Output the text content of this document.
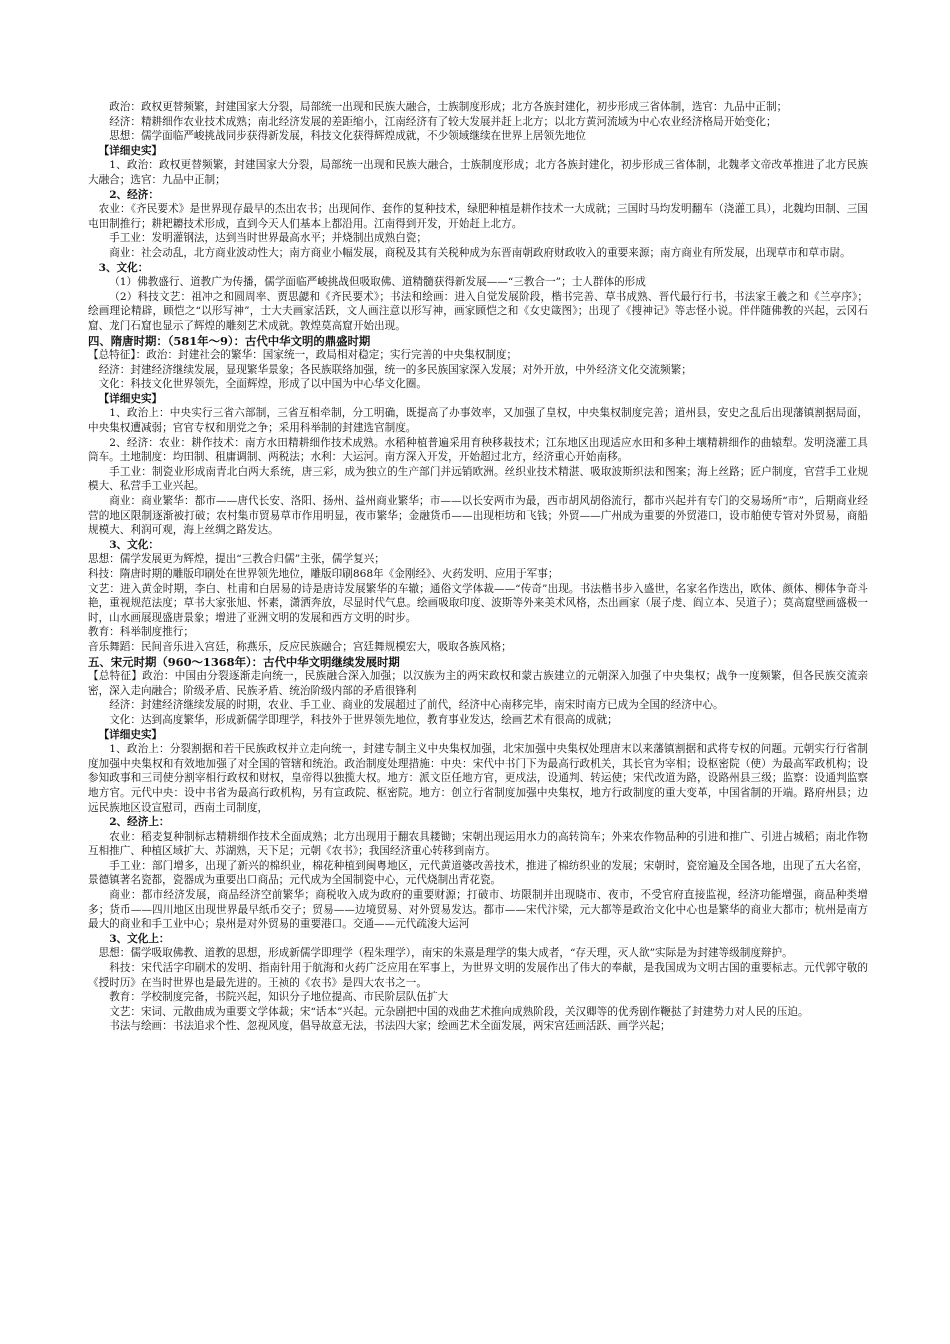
政治：政权更替频繁，封建国家大分裂，局部统一出现和民族大融合，士族制度形成；北方各族封建化，初步形成三省体制，选官：九品中正制；

经济：精耕细作农业技术成熟；南北经济发展的差距缩小，江南经济有了较大发展并赶上北方；以北方黄河流域为中心农业经济格局开始变化；

思想：儒学面临严峻挑战同步获得新发展，科技文化获得辉煌成就，不少领域继续在世界上居领先地位

【详细史实】

1、政治：政权更替频繁，封建国家大分裂，局部统一出现和民族大融合，士族制度形成；北方各族封建化，初步形成三省体制，北魏孝文帝改革推进了北方民族大融合；选官：九品中正制；

2、经济：

农业：《齐民要术》是世界现存最早的杰出农书；出现间作、套作的复种技术，绿肥种植是耕作技术一大成就；三国时马均发明翻车（浇灌工具），北魏均田制、三国屯田制推行；耕耙耱技术形成，直到今天人们基本上都沿用。江南得到开发，开始赶上北方。

手工业：发明灌钢法，达到当时世界最高水平；并烧制出成熟白瓷；

商业：社会动乱，北方商业波动性大；南方商业小幅发展，商税及其有关税种成为东晋南朝政府财政收入的重要来源；南方商业有所发展，出现草市和草市尉。

3、文化：

（1）佛教盛行、道教广为传播，儒学面临严峻挑战但吸取佛、道精髓获得新发展——“三教合一”；士人群体的形成

（2）科技文艺：祖冲之和圆周率、贾思勰和《齐民要术》；书法和绘画：进入自觉发展阶段，楷书完善、草书成熟、晋代最行行书，书法家王羲之和《兰亭序》；绘画理论精辟，顾恺之“以形写神”，士大夫画家活跃，文人画注意以形写神，画家顾恺之和《女史箴图》；出现了《搜神记》等志怪小说。伴伴随佛教的兴起，云冈石窟、龙门石窟也显示了辉煌的雕刻艺术成就。敦煌莫高窟开始出现。

四、隋唐时期：（581年～9）：古代中华文明的鼎盛时期

【总特征】：政治：封建社会的繁华：国家统一，政局相对稳定；实行完善的中央集权制度；

经济：封建经济继续发展，显现繁华景象；各民族联络加强，统一的多民族国家深入发展；对外开放，中外经济文化交流频繁；

文化：科技文化世界领先，全面辉煌，形成了以中国为中心华文化圈。

【详细史实】

1、政治上：中央实行三省六部制，三省互相牵制，分工明确，既提高了办事效率，又加强了皇权，中央集权制度完善；道州县，安史之乱后出现藩镇割据局面，中央集权遭减弱；官官专权和朋党之争；采用科举制的封建选官制度。

2、经济：农业：耕作技术：南方水田精耕细作技术成熟。水稻种植普遍采用育秧移栽技术；江东地区出现适应水田和多种土壤精耕细作的曲辕犁。发明浇灌工具筒车。土地制度：均田制、租庸调制、两税法；水利：大运河。南方深入开发，开始超过北方，经济重心开始南移。

手工业：制瓷业形成南青北白两大系统，唐三彩，成为独立的生产部门并远销欧洲。丝织业技术精湛、吸取波斯织法和图案；海上丝路；匠户制度，官营手工业规模大、私营手工业兴起。

商业：商业繁华：都市——唐代长安、洛阳、扬州、益州商业繁华；市——以长安两市为最，西市胡风胡俗流行，都市兴起并有专门的交易场所“市”，后期商业经营的地区限制逐渐被打破；农村集市贸易草市作用明显，夜市繁华；金融货币——出现柜坊和飞钱；外贸——广州成为重要的外贸港口，设市舶使专管对外贸易，商船规模大、利润可观，海上丝绸之路发达。

3、文化：

思想：儒学发展更为辉煌，提出“三教合归儒”主张，儒学复兴；

科技：隋唐时期的雕版印刷处在世界领先地位，雕版印刷868年《金刚经》、火药发明、应用于军事；

文艺：进入黄金时期，李白、杜甫和白居易的诗是唐诗发展繁华的车辙；通俗文学体裁——“传奇”出现。书法楷书步入盛世，名家名作迭出，欧体、颜体、柳体争奇斗艳，重视规范法度；草书大家张旭、怀素，潇洒奔放，尽显时代气息。绘画吸取印度、波斯等外来美术风格，杰出画家（展子虔、阎立本、吴道子）；莫高窟壁画盛极一时，山水画展现盛唐景象；增进了亚洲文明的发展和西方文明的时步。

教育：科举制度推行；

音乐舞蹈：民间音乐进入宫廷，称燕乐，反应民族融合；宫廷舞规模宏大，吸取各族风格；

五、宋元时期（960～1368年）：古代中华文明继续发展时期

【总特征】政治：中国由分裂逐渐走向统一，民族融合深入加强；以汉族为主的两宋政权和蒙古族建立的元朝深入加强了中央集权；战争一度频繁，但各民族交流亲密，深入走向融合；阶级矛盾、民族矛盾、统治阶级内部的矛盾很锋利

经济：封建经济继续发展的时期，农业、手工业、商业的发展超过了前代，经济中心南移完毕，南宋时南方已成为全国的经济中心。

文化：达到高度繁华，形成新儒学即理学，科技外于世界领先地位，教育事业发达，绘画艺术有很高的成就；

【详细史实】

1、政治上：分裂割据和若干民族政权并立走向统一，封建专制主义中央集权加强，北宋加强中央集权处理唐末以来藩镇割据和武将专权的问题。元朝实行行省制度加强中央集权和有效地加强了对全国的管辖和统治。政治制度处理措施：中央：宋代中书门下为最高行政机关，其长官为宰相；设枢密院（使）为最高军政机构；设参知政事和三司使分割宰相行政权和财权，皇帝得以独揽大权。地方：派文臣任地方官，更戍法，设通判、转运使；宋代改道为路，设路州县三级；监察：设通判监察地方官。元代中央：设中书省为最高行政机构，另有宣政院、枢密院。地方：创立行省制度加强中央集权，地方行政制度的重大变革，中国省制的开端。路府州县；边远民族地区设宣慰司，西南土司制度，

2、经济上：

农业：稻麦复种制标志精耕细作技术全面成熟；北方出现用于翻农具耧锄；宋朝出现运用水力的高转筒车；外来农作物品种的引进和推广、引进占城稻；南北作物互相推广、种植区域扩大、苏湖熟，天下足；元朝《农书》；我国经济重心转移到南方。

手工业：部门增多，出现了新兴的棉织业，棉花种植到闽粤地区，元代黄道婆改善技术，推进了棉纺织业的发展；宋朝时，瓷窑遍及全国各地，出现了五大名窑，景德镇著名瓷都，瓷器成为重要出口商品；元代成为全国制瓷中心，元代烧制出青花瓷。

商业：都市经济发展，商品经济空前繁华；商税收入成为政府的重要财源；打破市、坊限制并出现晓市、夜市，不受官府直接监视，经济功能增强，商品种类增多；货币——四川地区出现世界最早纸币交子；贸易——边境贸易、对外贸易发达。都市——宋代汴梁，元大都等是政治文化中心也是繁华的商业大都市；杭州是南方最大的商业和手工业中心；泉州是对外贸易的重要港口。交通——元代疏浚大运河

3、文化上：

思想：儒学吸取佛教、道教的思想，形成新儒学即理学（程朱理学），南宋的朱熹是理学的集大成者，“存天理，灭人欲”实际是为封建等级制度辩护。

科技：宋代活字印刷术的发明、指南针用于航海和火药广泛应用在军事上，为世界文明的发展作出了伟大的奉献，是我国成为文明古国的重要标志。元代郭守敬的《授时历》在当时世界也是最先进的。王祯的《农书》是四大农书之一。

教育：学校制度完备，书院兴起，知识分子地位提高、市民阶层队伍扩大

文艺：宋词、元散曲成为重要文学体裁；宋“话本”兴起。元杂剧把中国的戏曲艺术推向成熟阶段，关汉卿等的优秀剧作鞭挞了封建势力对人民的压迫。

书法与绘画：书法追求个性、忽视风度，倡导故意无法，书法四大家；绘画艺术全面发展，两宋宫廷画活跃、画学兴起；
